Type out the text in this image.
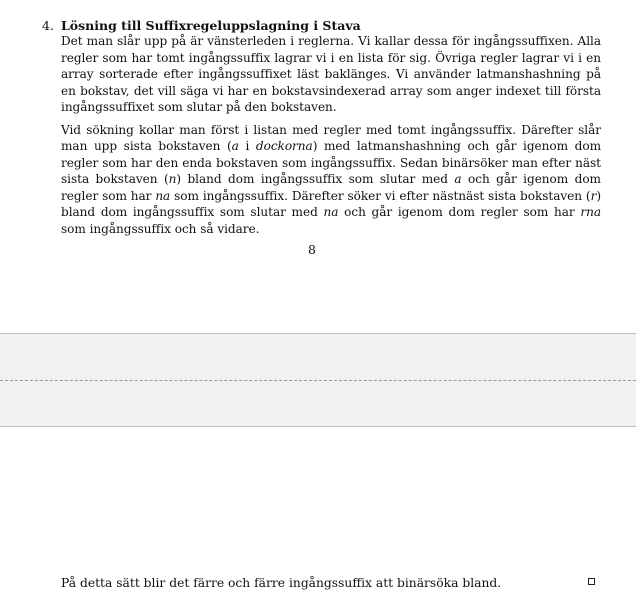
4. Lösning till Suffixregeluppslagning i Stava

Det man slår upp på är vänsterleden i reglerna. Vi kallar dessa för ingångssuffixen. Alla regler som har tomt ingångssuffix lagrar vi i en lista för sig. Övriga regler lagrar vi i en array sorterade efter ingångssuffixet läst baklänges. Vi använder latmanshashning på en bokstav, det vill säga vi har en bokstavsindexerad array som anger indexet till första ingångssuffixet som slutar på den bokstaven.

Vid sökning kollar man först i listan med regler med tomt ingångssuffix. Därefter slår man upp sista bokstaven (a i dockorna) med latmanshashning och går igenom dom regler som har den enda bokstaven som ingångssuffix. Sedan binärsöker man efter näst sista bokstaven (n) bland dom ingångssuffix som slutar med a och går igenom dom regler som har na som ingångssuffix. Därefter söker vi efter nästnäst sista bokstaven (r) bland dom ingångssuffix som slutar med na och går igenom dom regler som har rna som ingångssuffix och så vidare.

8
På detta sätt blir det färre och färre ingångssuffix att binärsöka bland.
